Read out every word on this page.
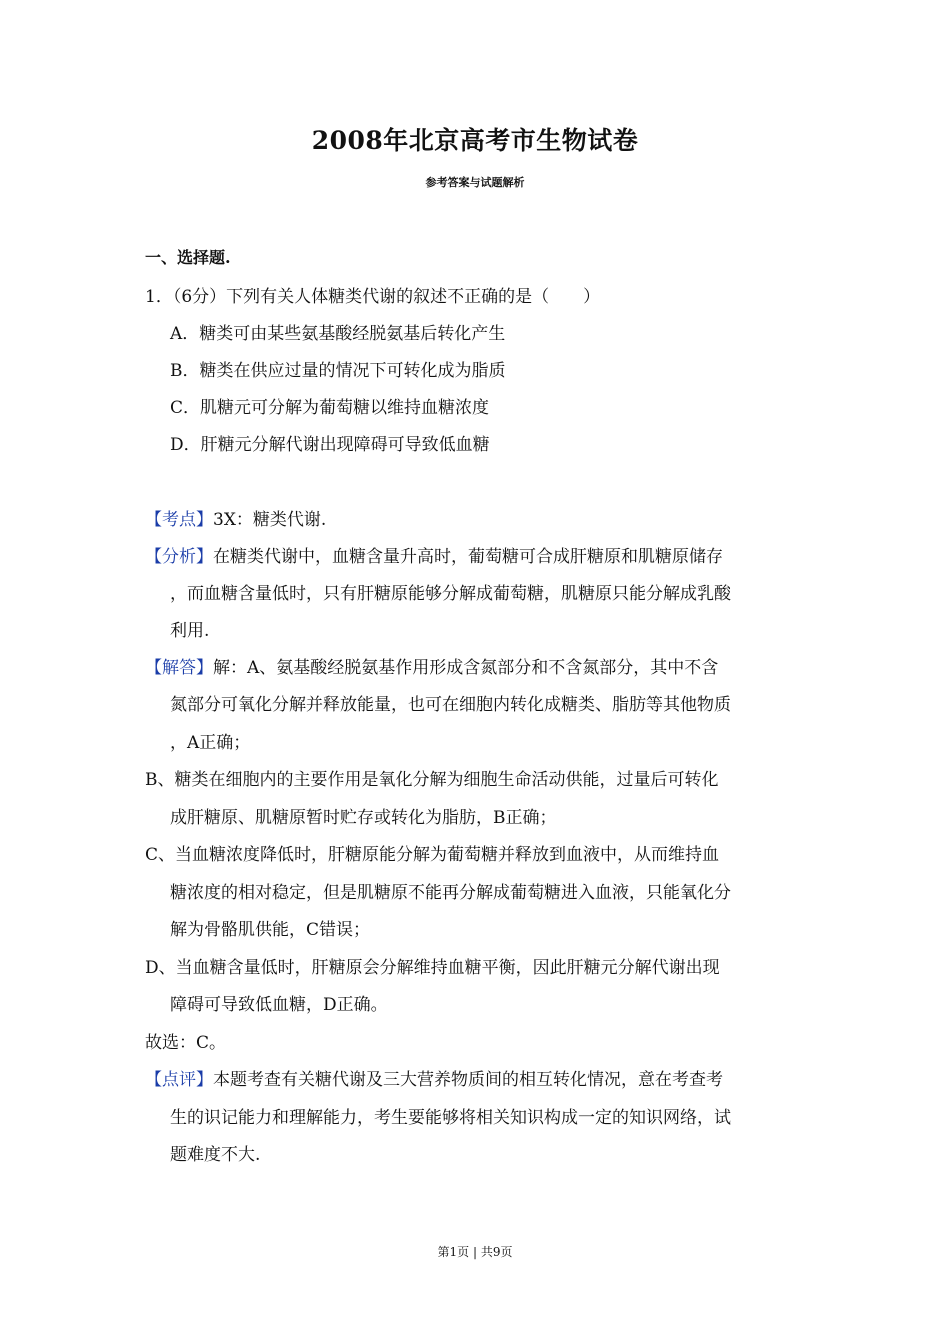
2008年北京高考市生物试卷
参考答案与试题解析
一、选择题.
1．（6分）下列有关人体糖类代谢的叙述不正确的是（　　）
A．糖类可由某些氨基酸经脱氨基后转化产生
B．糖类在供应过量的情况下可转化成为脂质
C．肌糖元可分解为葡萄糖以维持血糖浓度
D．肝糖元分解代谢出现障碍可导致低血糖
【考点】3X：糖类代谢.
【分析】在糖类代谢中，血糖含量升高时，葡萄糖可合成肝糖原和肌糖原储存
，而血糖含量低时，只有肝糖原能够分解成葡萄糖，肌糖原只能分解成乳酸
利用.
【解答】解：A、氨基酸经脱氨基作用形成含氮部分和不含氮部分，其中不含
氮部分可氧化分解并释放能量，也可在细胞内转化成糖类、脂肪等其他物质
，A正确；
B、糖类在细胞内的主要作用是氧化分解为细胞生命活动供能，过量后可转化
成肝糖原、肌糖原暂时贮存或转化为脂肪，B正确；
C、当血糖浓度降低时，肝糖原能分解为葡萄糖并释放到血液中，从而维持血
糖浓度的相对稳定，但是肌糖原不能再分解成葡萄糖进入血液，只能氧化分
解为骨骼肌供能，C错误；
D、当血糖含量低时，肝糖原会分解维持血糖平衡，因此肝糖元分解代谢出现
障碍可导致低血糖，D正确。
故选：C。
【点评】本题考查有关糖代谢及三大营养物质间的相互转化情况，意在考查考
生的识记能力和理解能力，考生要能够将相关知识构成一定的知识网络，试
题难度不大.
第1页 | 共9页
